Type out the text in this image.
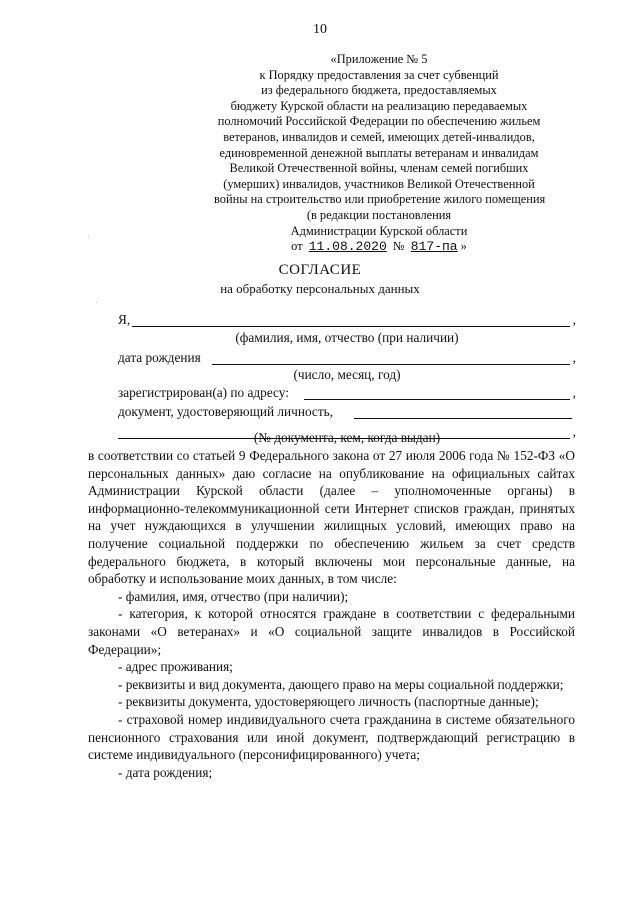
10
«Приложение № 5
к Порядку предоставления за счет субвенций
из федерального бюджета, предоставляемых
бюджету Курской области на реализацию передаваемых
полномочий Российской Федерации по обеспечению жильем
ветеранов, инвалидов и семей, имеющих детей-инвалидов,
единовременной денежной выплаты ветеранам и инвалидам
Великой Отечественной войны, членам семей погибших
(умерших) инвалидов, участников Великой Отечественной
войны на строительство или приобретение жилого помещения
(в редакции постановления
Администрации Курской области
от 11.08.2020 № 817-па »
СОГЛАСИЕ
на обработку персональных данных
Я,	,
(фамилия, имя, отчество (при наличии)
дата рождения	,
(число, месяц, год)
зарегистрирован(а) по адресу:	,
документ, удостоверяющий личность,
,
(№ документа, кем, когда выдан)

в соответствии со статьей 9 Федерального закона от 27 июля 2006 года № 152-ФЗ «О персональных данных» даю согласие на опубликование на официальных сайтах Администрации Курской области (далее – уполномоченные органы) в информационно-телекоммуникационной сети Интернет списков граждан, принятых на учет нуждающихся в улучшении жилищных условий, имеющих право на получение социальной поддержки по обеспечению жильем за счет средств федерального бюджета, в который включены мои персональные данные, на обработку и использование моих данных, в том числе:

- фамилия, имя, отчество (при наличии);

- категория, к которой относятся граждане в соответствии с федеральными законами «О ветеранах» и «О социальной защите инвалидов в Российской Федерации»;

- адрес проживания;

- реквизиты и вид документа, дающего право на меры социальной поддержки;

- реквизиты документа, удостоверяющего личность (паспортные данные);

- страховой номер индивидуального счета гражданина в системе обязательного пенсионного страхования или иной документ, подтверждающий регистрацию в системе индивидуального (персонифицированного) учета;

- дата рождения;
